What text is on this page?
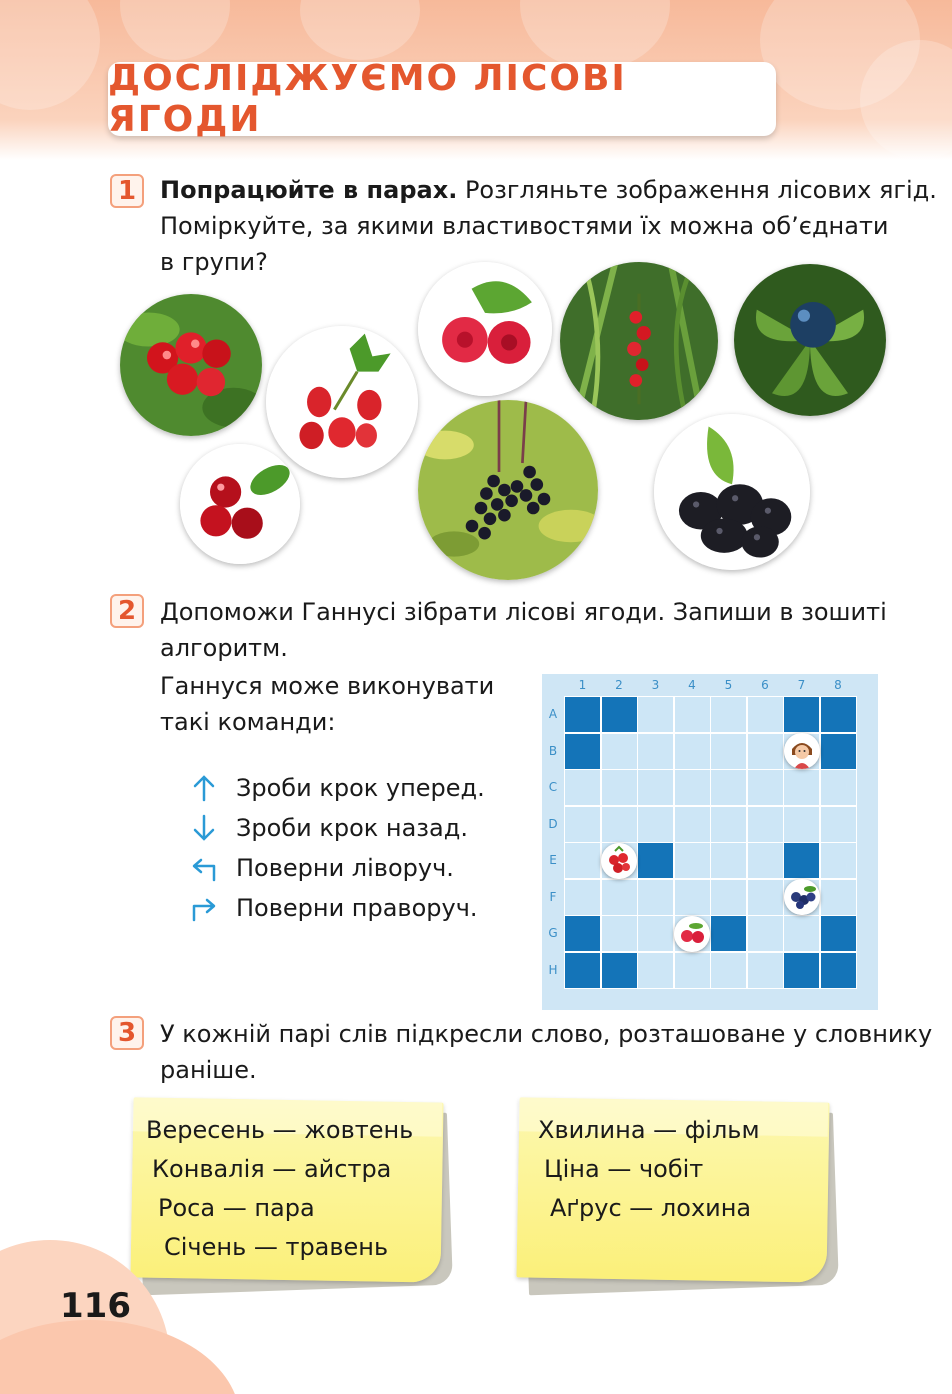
ДОСЛІДЖУЄМО ЛІСОВІ ЯГОДИ
1 Попрацюйте в парах. Розгляньте зображення лісових ягід.
Поміркуйте, за якими властивостями їх можна об’єднати
в групи?
2 Допоможи Ганнусі зібрати лісові ягоди. Запиши в зошиті
алгоритм.
Ганнуся може виконувати
такі команди:
Зроби крок уперед.
Зроби крок назад.
Поверни ліворуч.
Поверни праворуч.
1	2	3	4	5	6	7	8
A
B
C
D
E
F
G
H
3 У кожній парі слів підкресли слово, розташоване у словнику
раніше.
Вересень — жовтень
Конвалія — айстра
Роса — пара
Січень — травень
Хвилина — фільм
Ціна — чобіт
Аґрус — лохина
116
